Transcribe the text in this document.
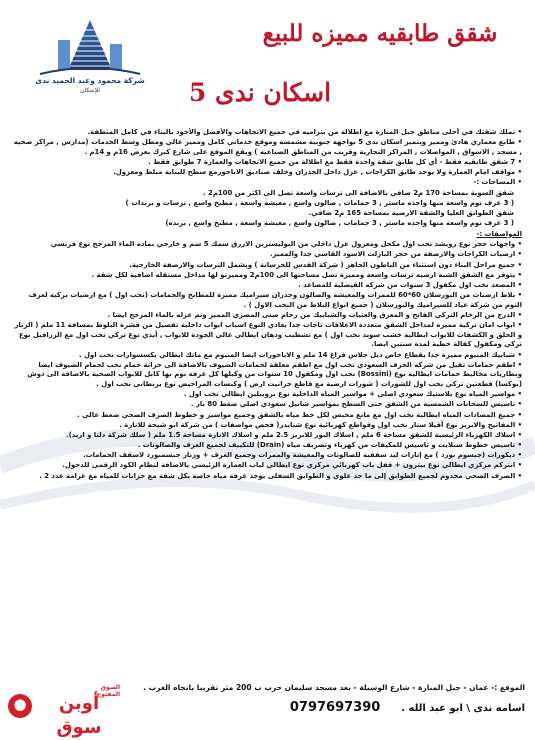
شركة محمود وعبد الحميد ندى
للإسكان
شقق طابقيه مميزه للبيع
اسكان ندى 5

• تملك شقتك في أحلى مناطق جبل المنارة مع اطلالة من بتراميه في جميع الاتجاهات والأفضل والأجود بالبناء في كامل المنطقة.

• طابع معماري هادئ ومميز ويتميز اسكان ندى 5 بواجهة جنوبية مشمسة وموقع خدماتي كامل ومميز عالي ومطل وسط الخدمات (مدارس , مراكز صحيه , مسجد , الاسواق , المواصلات , المراكز التجارية وقريب من المناطق الصناعيه ) ويقع الموقع على شارع كبرك بعرض 16م و 14م .

• 7 شقق طابقيه فقط - أي كل طابق شقة واحدة فقط مع اطلالة من جميع الاتجاهات والعمارة 7 طوابق فقط .

• مواقف امام العمارة ولا يوجد طابق الكراجات , عزل داخل الجدران وخلف صناديق الاباجورمع سطح للبناية مبلط ومعزول.

• المساحات :-

شقق السوية بمساحة 170 م2 صافي بالاضافة الى ترسات واسعة تصل الى اكثر من 100م2 .

( 3 غرف نوم واسعة منها واحده ماستر , 3 حمامات , صالون واسع , معيشة واسعة , مطبخ واسع , ترسات و برندات )

شقق الطوابق العليا والشقة الارضية بمساحة 165 م2 صافي.

( 3 غرف نوم واسعة منها واحده ماستر , 3 حمامات , صالون واسع , معيشة واسعة , مطبخ واسع , برنده)

المواصفات :-

• واجهات حجر نوع رويشد نخب اول مكحل ومعزول عزل داخلي من البوليسترين الازرق سمك 5 سم و خارجي بماده الماء المزجج نوع فرنسي

• ارضيات الكراجات والارصفة من حجر البازلت الاسود القاسي جدا والمميز.

• جميع مراحل البناء دون استثناء من الباطون الجاهز ( شركة القدس للخرسانة ) ويشمل الترسات والارصفة الخارجية.

• يتوفر مع الشقق الشبه ارضيه ترسات واسعة ومميزة تصل مساحتها الى 100م2 ومميزتو لها مداخل مستقله اضافية لكل شقة .

• المصعد نخب اول مكفول 3 سنوات من شركه الفيصلية للمصاعد .

• بلاط ارضيات من البورسلان 60*60 للممرات والمعيشة والصالون وجدران سيراميك مميزة للمطابخ والحمامات (نخب اول ) مع ارضيات بركية لغرف النوم من شركة عياد للسيراميك والبورسلان ( جميع انواع البلاط من النخب الاول ) .

• الدرج من الرخام التركي الفاتح و المعرق والعتبات والشبابيك من رخام صنى المصري المميز وتم عزله بالماء المزجج ايضا .

• ابواب امان تركية مميزة لمداخل الشقق متعددة الاغلاقات تاجات جدا يعادي النوع اسباب ابواب داخلية تفصيل من قشرة البلوط بمسافة 11 ملم ( الزنار و الحلق و الكشفات للابواب ايطالية خشب سويد نخب اول ) مع تشطيب ودهان ايطالي عالي الجودة للابواب , أيدي نوع تركي نخب اول مع الزرافيل نوع تركي ومكفول كفالة خطية لمدة سنتين ايضا.

• شبابيك المنيوم مميزة جدا بقطاع خاص دبل جلاس قراغ 14 ملم و الاباجورات ايضا المنيوم مع ماتك ايطالي بكسسوارات نخب اول .

• اطقم حمامات تقيل من شركة الخزف السعودي نخب اول مع اطقم معلقة لحمامات الضيوف بالاضافة الى خزانة حمام نخب لحمام الضيوف ايضا وبطاريات مخاليط حمامات ايطالية نوع (Bossini) نخب اول ومكفول 10 سنوات من وكيلها كل غرفة نوم بها كابل للابواب الصحية بالاضافة الى دوش (بوكسا) قطعتين تركي نخب اول للشورات ( شورات ارضية مع قاطع جرانيت ارض ) وكبسات المراحيض نوع برنطاني نخب اول .

• مواسير المياه نوع بلاستيك سعودي اصلي + مواسير المياه الداخلية نوع بروبيلين ايطالي نخب اول .

• تاسيس للسخانات الشمسية من الشقق حتى السطح بمواسير شانيل سعودي اصلي ضغط 80 بار .

• جميع المصادات المياه ايطالية نخب اول مع مانع مخبس لكل خط مياه بالشقق وجميع مواسير و خطوط الصرف الصحي ضغط عالي .

• المفاتيح والابريز نوع أقيلا ستار نخب اول وقواطع كهربائية نوع شنايدر( فحص مواصفات ) من شركة ابو شيحة للانارة .

• اسلاك الكهرباء الرئيسية للشقق مساحة 6 ملم , اسلاك البور للابريز 2.5 ملم و اسلاك الانارة مساحة 1.5 ملم ( سلك شركة دلتا و اريد).

• تاسيس خطوط ستلايت و تاسيس للمكيفات من كهرباء وتصريف مياه (Drain) للتكييف لجميع الغرف والصالونات .

• ديكورات (جبسوم بورد ) مع إنارات ليد سقفية للصالونات والمعيشة والممرات وجميع الغرف + وزنار جبسمبورد لاسقف الحمامات.

• انتركم مركزي ايطالي نوع بيترون + قفل باب كهربائي مركزي نوع ايطالي لباب العمارة الرئيسي بالاضافة لنظام الكود الرقمي للدخول.

• الصرف الصحي مخدوم لجميع الطوابق إلى ما حد علوي و الطوابق السفلى يوجد غرفة مياه خاصة بكل شقة مع خزانات للمياه مع غرامة عدد 2 .

الموقع :- عمان - جبل المنارة - شارع الوسيلة - بعد مسجد سليمان حرب ب 200 متر تقريبا باتجاه الغرب .
اسامه ندى \ ابو عبد الله .      0797697390
●
السوق المفتوح
أوبن سوق
